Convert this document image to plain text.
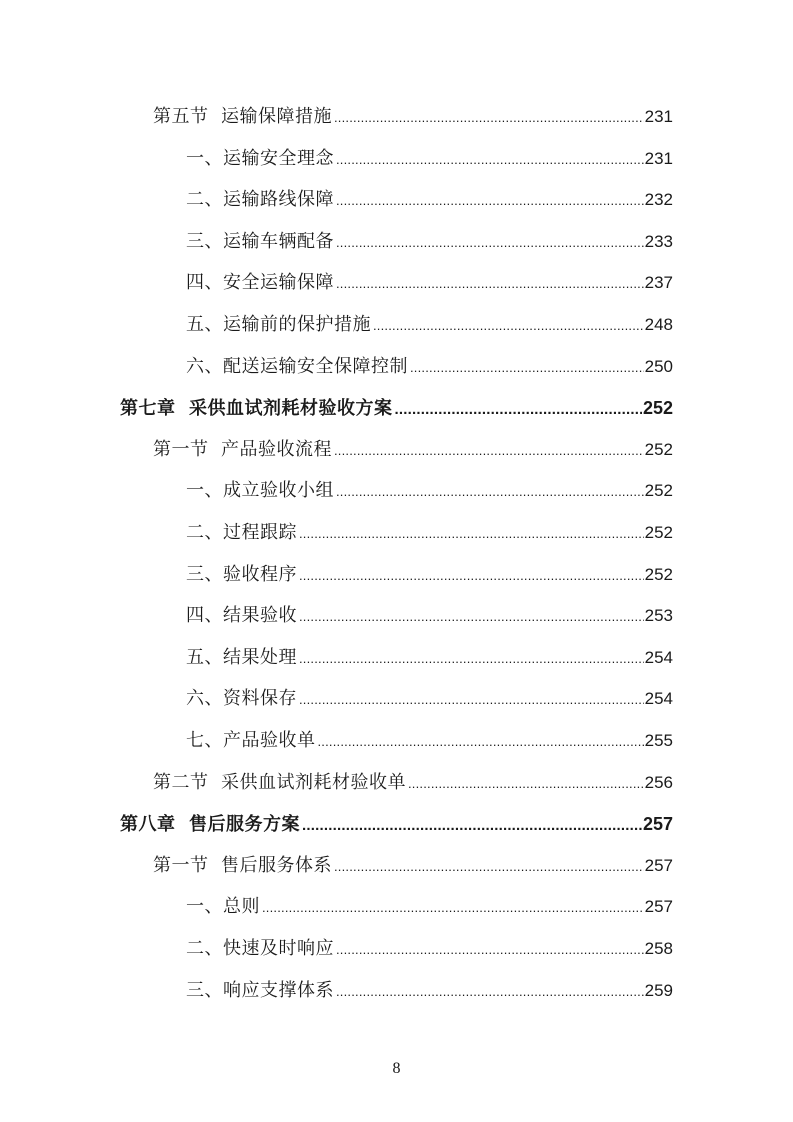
第五节 运输保障措施 .....	231
一、 运输安全理念 .....	231
二、 运输路线保障 .....	232
三、 运输车辆配备 .....	233
四、 安全运输保障 .....	237
五、 运输前的保护措施 .....	248
六、 配送运输安全保障控制 .....	250
第七章 采供血试剂耗材验收方案 .....	252
第一节 产品验收流程 .....	252
一、 成立验收小组 .....	252
二、 过程跟踪 .....	252
三、 验收程序 .....	252
四、 结果验收 .....	253
五、 结果处理 .....	254
六、 资料保存 .....	254
七、 产品验收单 .....	255
第二节 采供血试剂耗材验收单 .....	256
第八章 售后服务方案 .....	257
第一节 售后服务体系 .....	257
一、 总则 .....	257
二、 快速及时响应 .....	258
三、 响应支撑体系 .....	259
8
